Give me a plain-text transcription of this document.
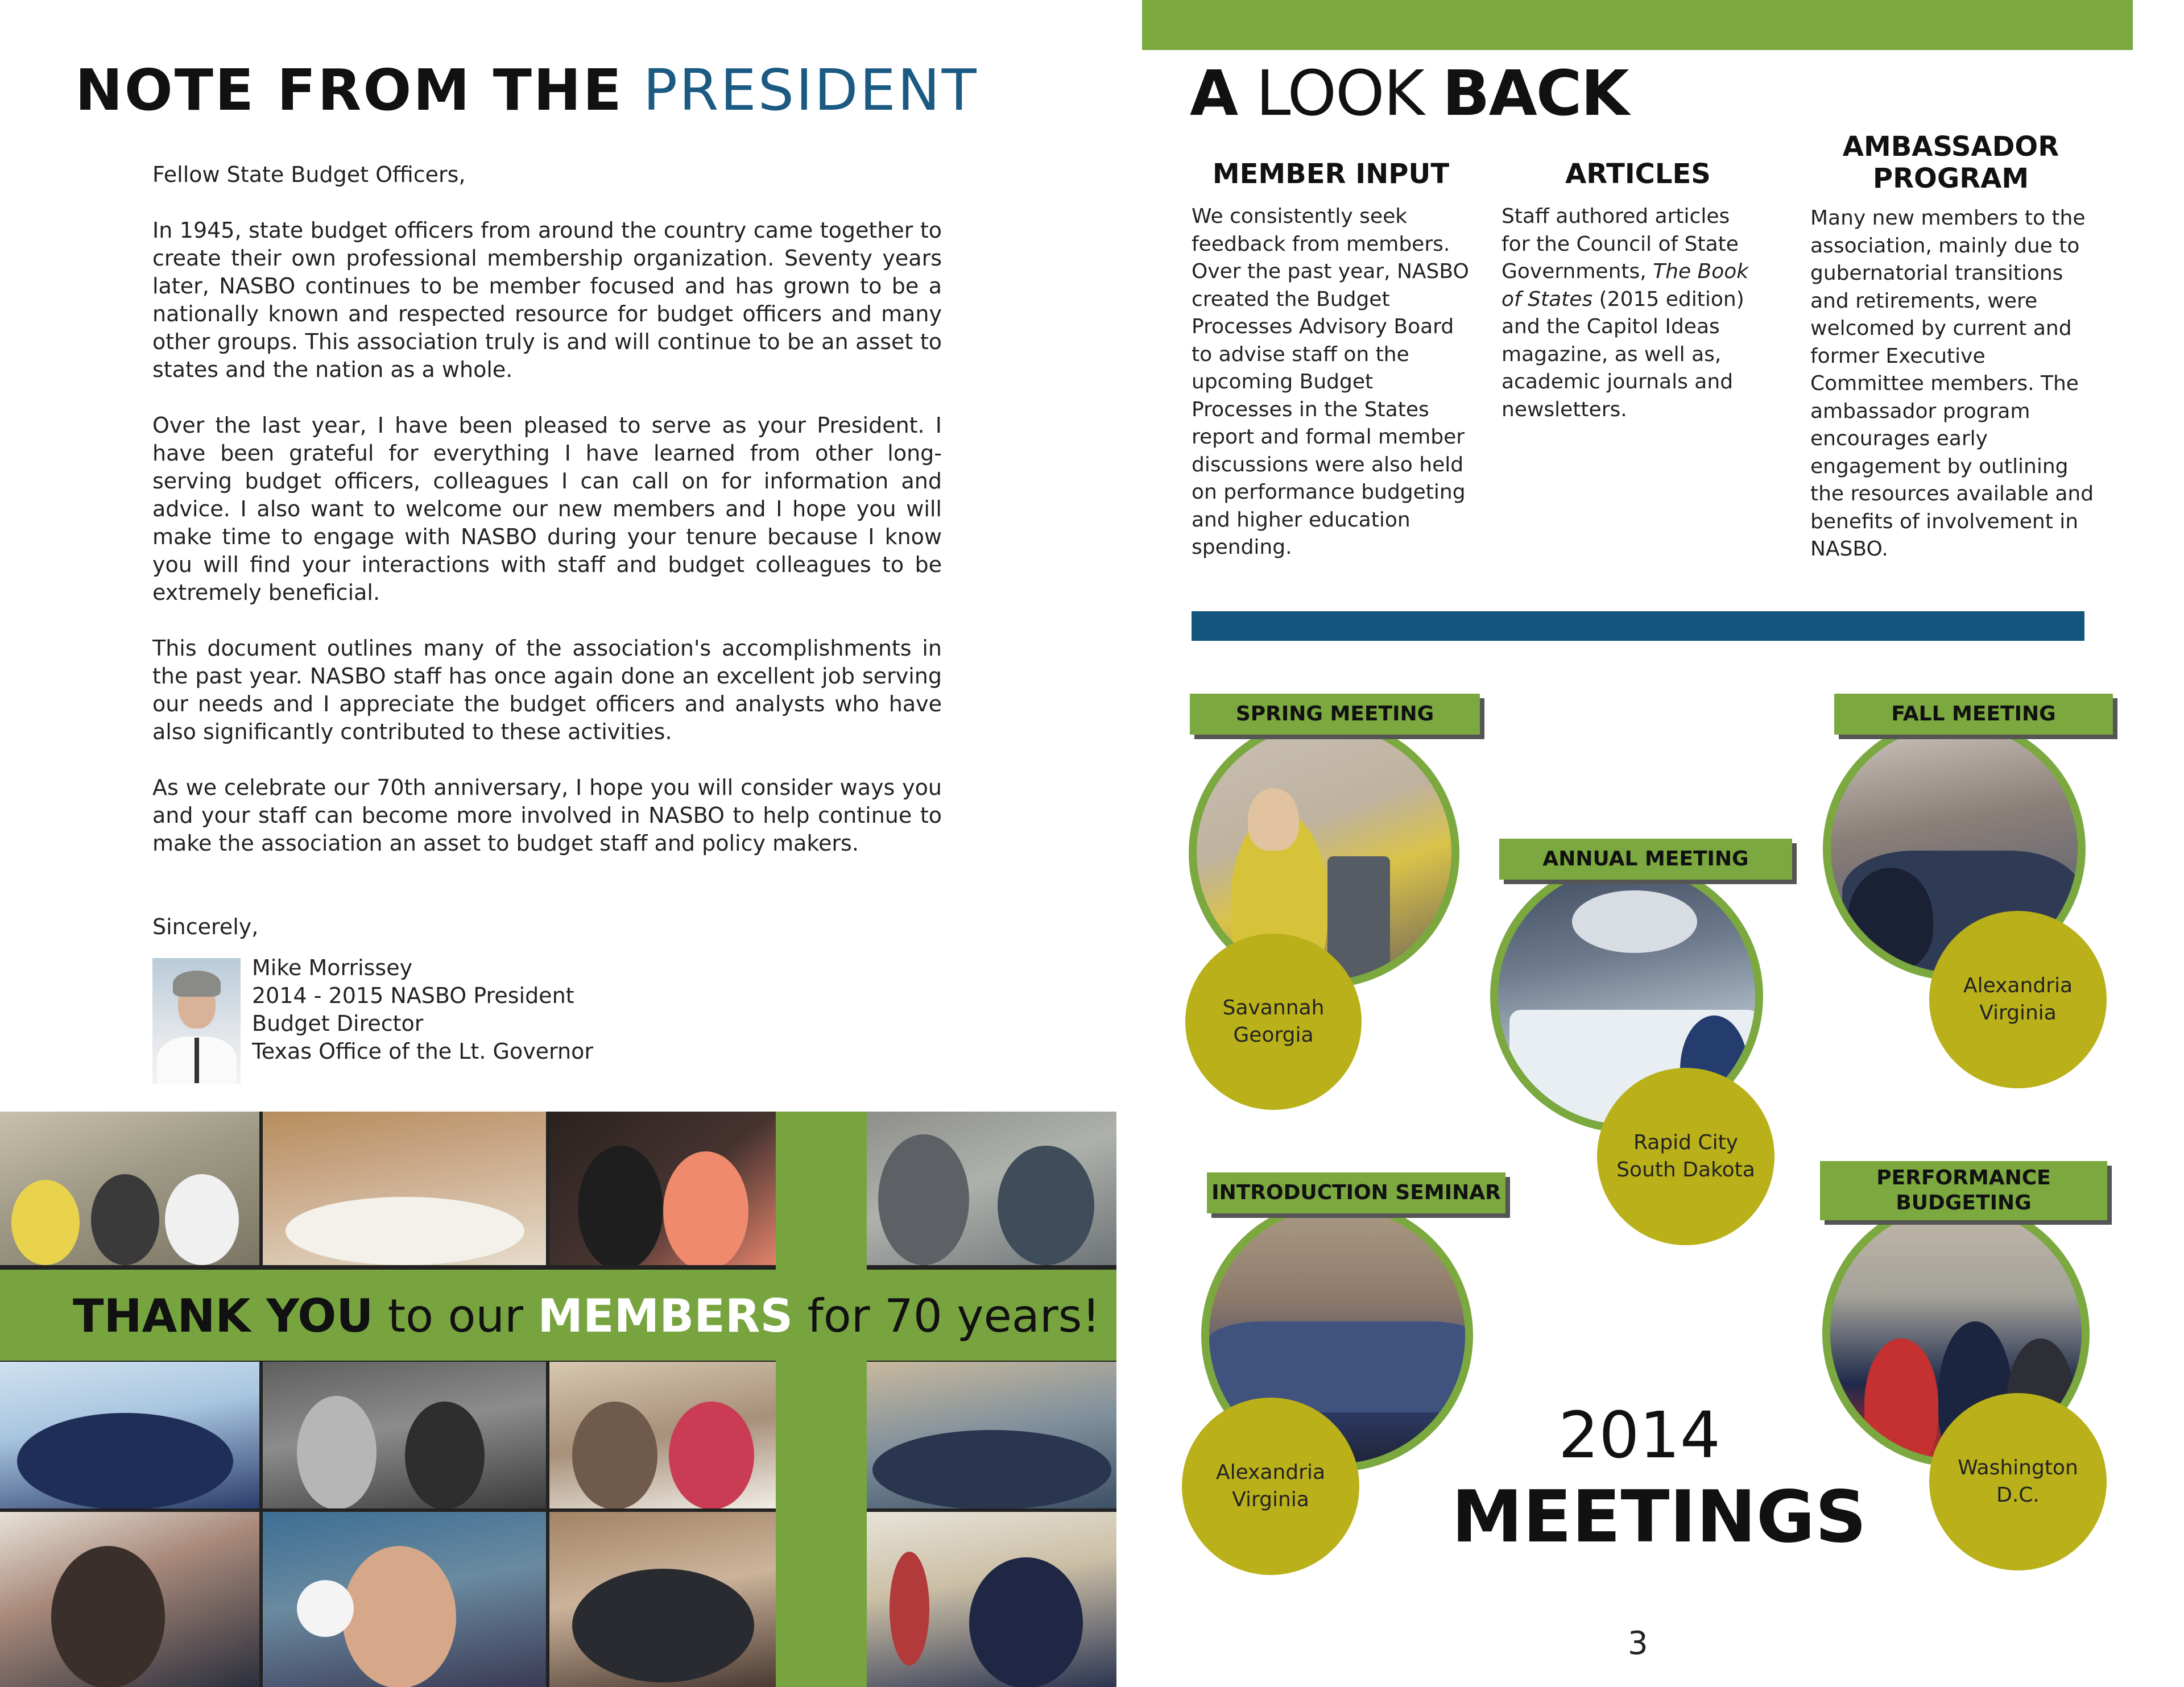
NOTE FROM THE PRESIDENT

Fellow State Budget Officers,

In 1945, state budget officers from around the country came together to create their own professional membership organization. Seventy years later, NASBO continues to be member focused and has grown to be a nationally known and respected resource for budget officers and many other groups. This association truly is and will continue to be an asset to states and the nation as a whole.

Over the last year, I have been pleased to serve as your President. I have been grateful for everything I have learned from other long-serving budget officers, colleagues I can call on for information and advice. I also want to welcome our new members and I hope you will make time to engage with NASBO during your tenure because I know you will find your interactions with staff and budget colleagues to be extremely beneficial.

This document outlines many of the association's accomplishments in the past year. NASBO staff has once again done an excellent job serving our needs and I appreciate the budget officers and analysts who have also significantly contributed to these activities.

As we celebrate our 70th anniversary, I hope you will consider ways you and your staff can become more involved in NASBO to help continue to make the association an asset to budget staff and policy makers.

Sincerely,

Mike Morrissey
2014 - 2015 NASBO President
Budget Director
Texas Office of the Lt. Governor
THANK YOU to our MEMBERS for 70 years!
A LOOK BACK
MEMBER INPUT
We consistently seek feedback from members. Over the past year, NASBO created the Budget Processes Advisory Board to advise staff on the upcoming Budget Processes in the States report and formal member discussions were also held on performance budgeting and higher education spending.
ARTICLES
Staff authored articles for the Council of State Governments, The Book of States (2015 edition) and the Capitol Ideas magazine, as well as, academic journals and newsletters.
AMBASSADOR PROGRAM
Many new members to the association, mainly due to gubernatorial transitions and retirements, were welcomed by current and former Executive Committee members. The ambassador program encourages early engagement by outlining the resources available and benefits of involvement in NASBO.
SPRING MEETING
Savannah
Georgia
ANNUAL MEETING
Rapid City
South Dakota
FALL MEETING
Alexandria
Virginia
INTRODUCTION SEMINAR
Alexandria
Virginia
PERFORMANCE
BUDGETING
Washington
D.C.
2014
MEETINGS
3
